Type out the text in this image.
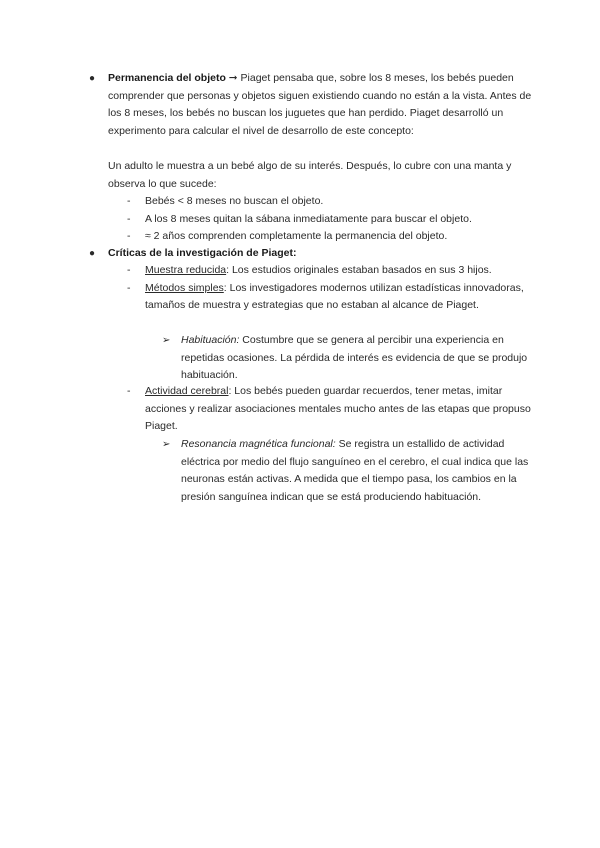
● Permanencia del objeto ➞ Piaget pensaba que, sobre los 8 meses, los bebés pueden comprender que personas y objetos siguen existiendo cuando no están a la vista. Antes de los 8 meses, los bebés no buscan los juguetes que han perdido. Piaget desarrolló un experimento para calcular el nivel de desarrollo de este concepto:

Un adulto le muestra a un bebé algo de su interés. Después, lo cubre con una manta y observa lo que sucede:

- Bebés < 8 meses no buscan el objeto.

- A los 8 meses quitan la sábana inmediatamente para buscar el objeto.

- ≈ 2 años comprenden completamente la permanencia del objeto.

● Críticas de la investigación de Piaget:

- Muestra reducida: Los estudios originales estaban basados en sus 3 hijos.

- Métodos simples: Los investigadores modernos utilizan estadísticas innovadoras, tamaños de muestra y estrategias que no estaban al alcance de Piaget.

➢ Habituación: Costumbre que se genera al percibir una experiencia en repetidas ocasiones. La pérdida de interés es evidencia de que se produjo habituación.

- Actividad cerebral: Los bebés pueden guardar recuerdos, tener metas, imitar acciones y realizar asociaciones mentales mucho antes de las etapas que propuso Piaget.

➢ Resonancia magnética funcional: Se registra un estallido de actividad eléctrica por medio del flujo sanguíneo en el cerebro, el cual indica que las neuronas están activas. A medida que el tiempo pasa, los cambios en la presión sanguínea indican que se está produciendo habituación.
